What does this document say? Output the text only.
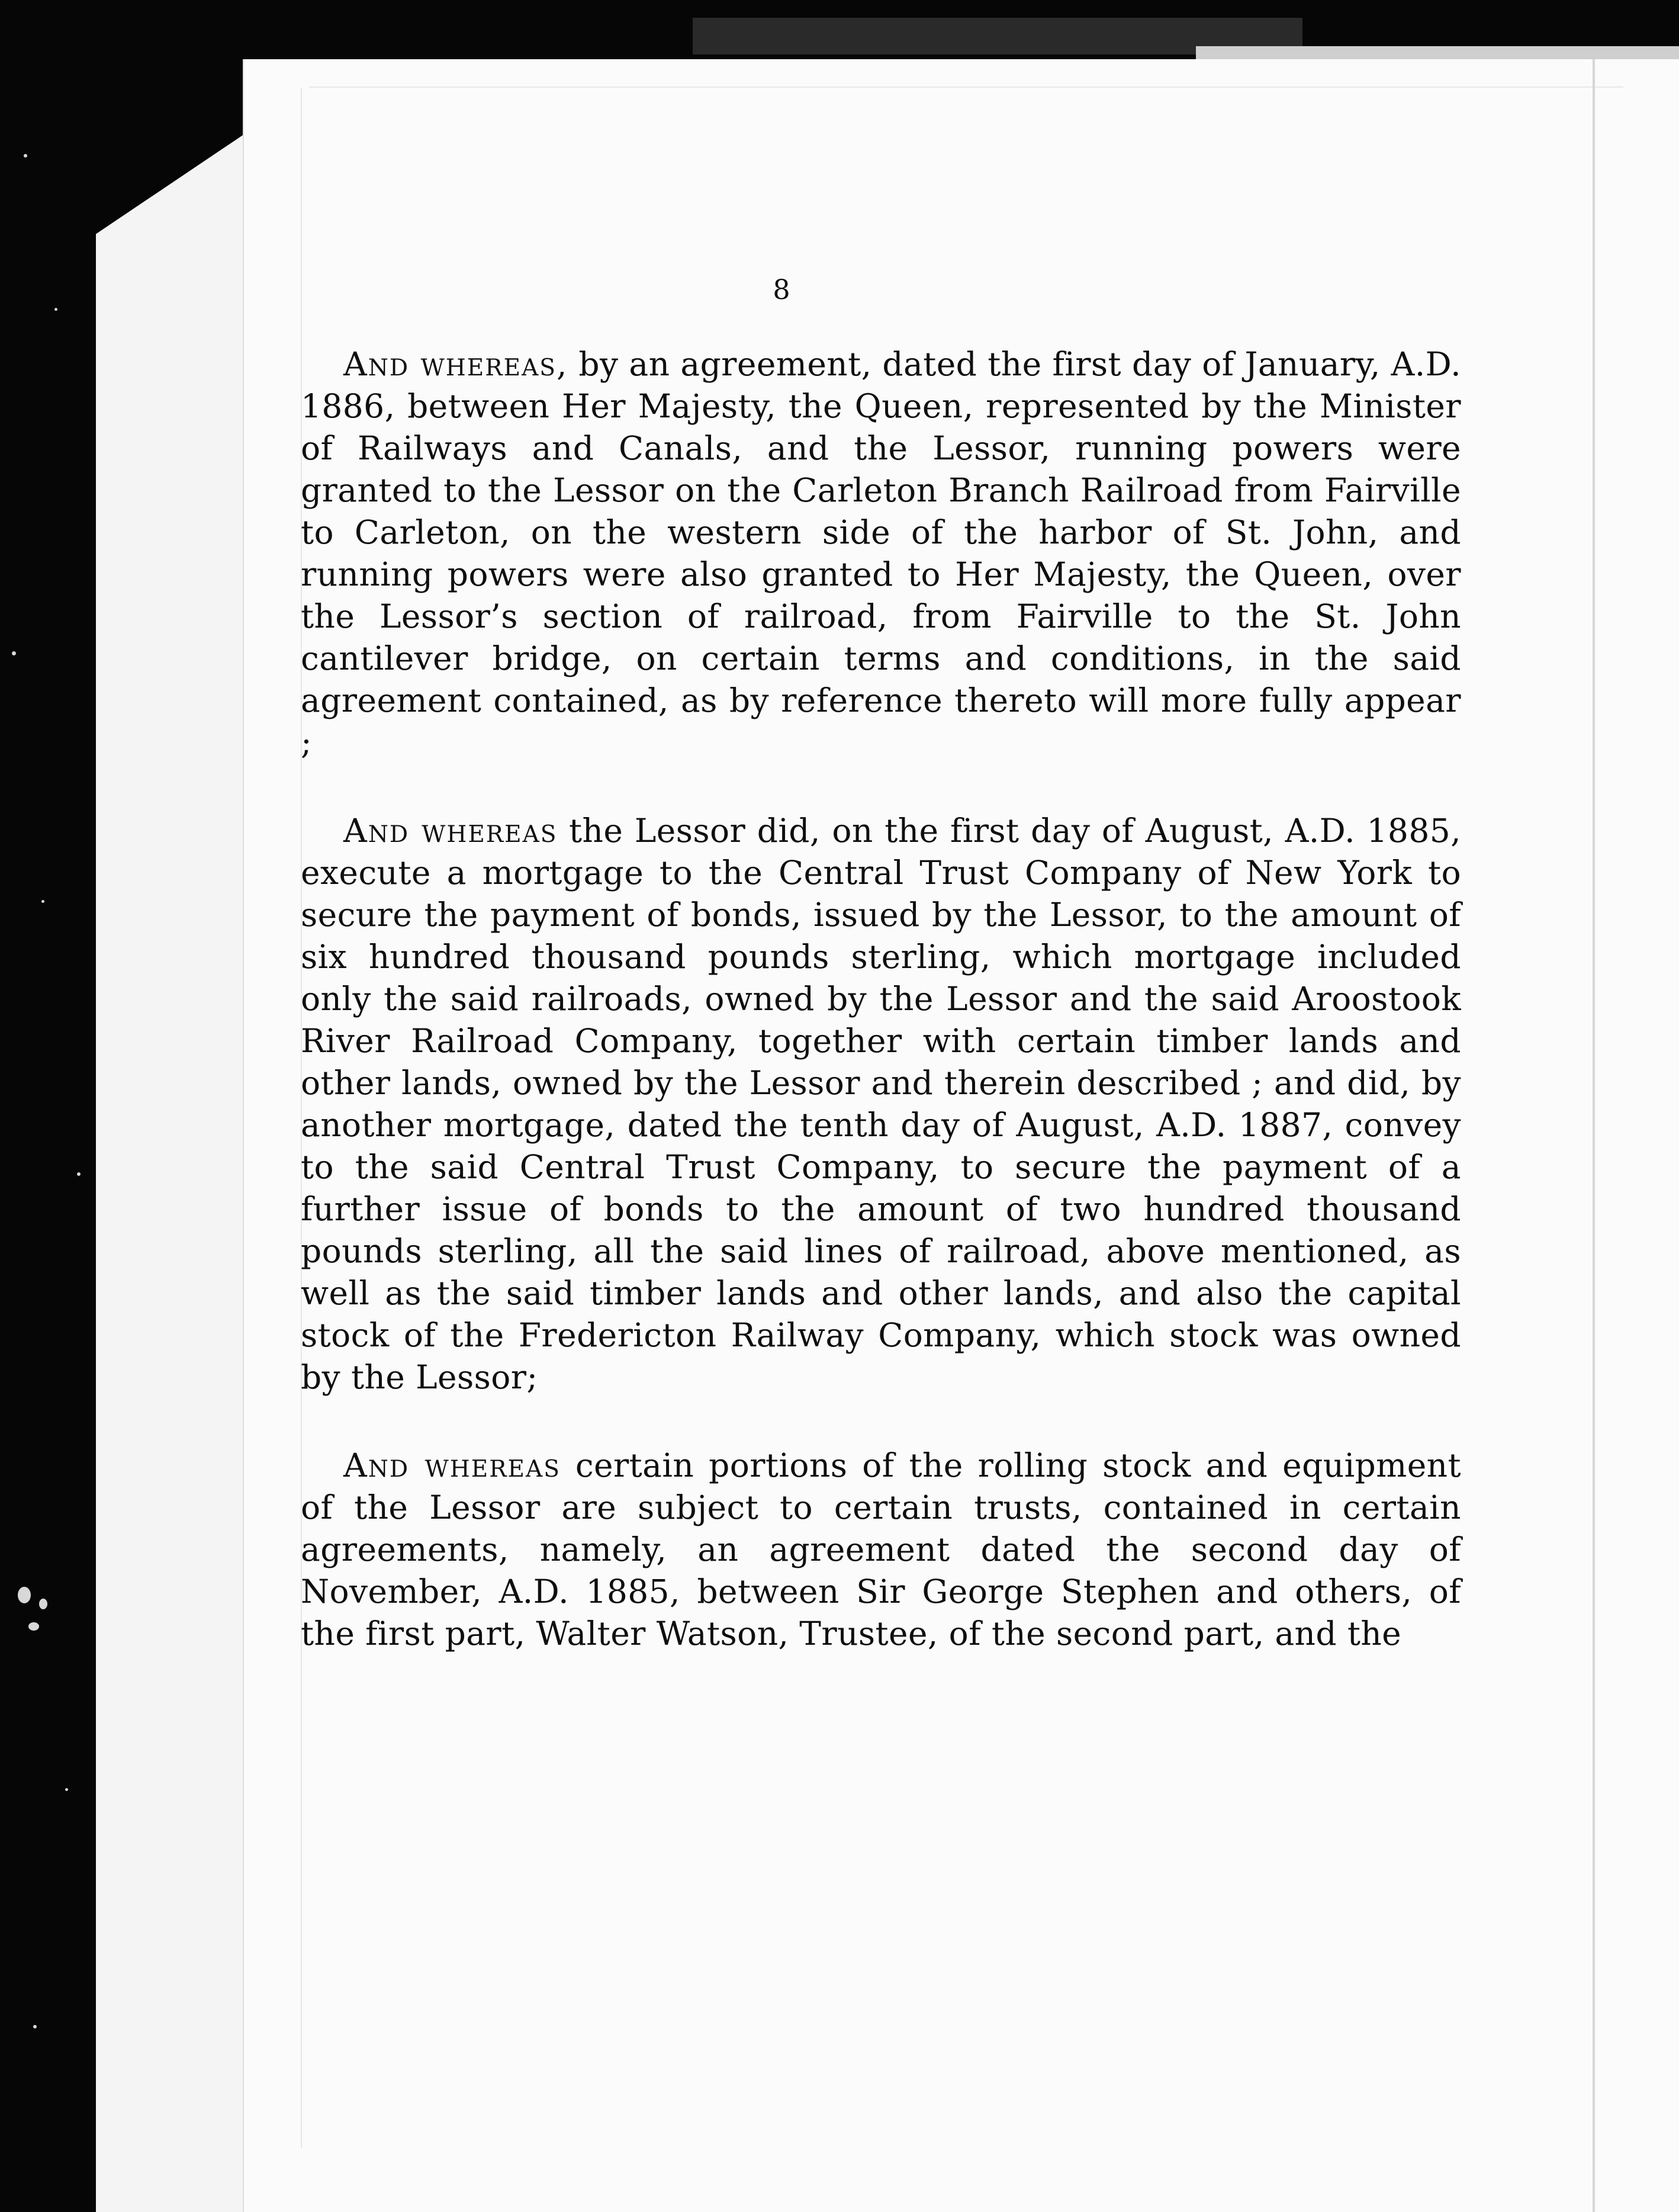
8

And whereas, by an agreement, dated the first day of January, A.D. 1886, between Her Majesty, the Queen, represented by the Minister of Railways and Canals, and the Lessor, running powers were granted to the Lessor on the Carleton Branch Railroad from Fairville to Carleton, on the western side of the harbor of St. John, and running powers were also granted to Her Majesty, the Queen, over the Lessor’s section of railroad, from Fairville to the St. John cantilever bridge, on certain terms and conditions, in the said agreement contained, as by reference thereto will more fully appear ;

And whereas the Lessor did, on the first day of August, A.D. 1885, execute a mortgage to the Central Trust Company of New York to secure the payment of bonds, issued by the Lessor, to the amount of six hundred thousand pounds sterling, which mortgage included only the said railroads, owned by the Lessor and the said Aroostook River Railroad Company, together with certain timber lands and other lands, owned by the Lessor and therein described ; and did, by another mortgage, dated the tenth day of August, A.D. 1887, convey to the said Central Trust Company, to secure the payment of a further issue of bonds to the amount of two hundred thousand pounds sterling, all the said lines of railroad, above mentioned, as well as the said timber lands and other lands, and also the capital stock of the Fredericton Railway Company, which stock was owned by the Lessor;

And whereas certain portions of the rolling stock and equipment of the Lessor are subject to certain trusts, contained in certain agreements, namely, an agreement dated the second day of November, A.D. 1885, between Sir George Stephen and others, of the first part, Walter Watson, Trustee, of the second part, and the
